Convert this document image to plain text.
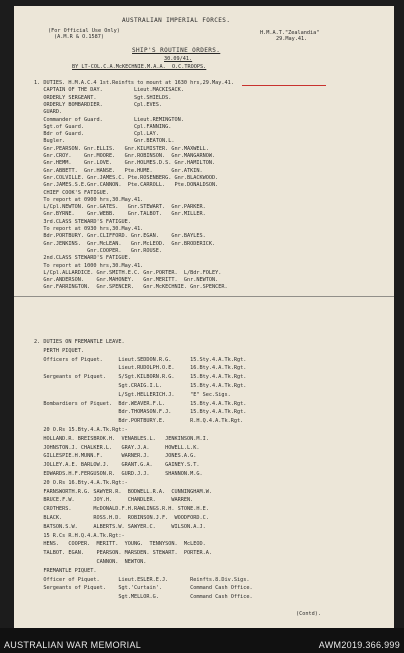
AUSTRALIAN IMPERIAL FORCES.
(For Official Use Only)
(A.M.R & O.1587)
H.M.A.T."Zealandia"
29.May.41.
SHIP'S ROUTINE ORDERS.
30.09/41.
BY LT-COL.C.A.McKECHNIE.M.A.A.  O.C.TROOPS.
1. DUTIES. H.M.A.C.4 1st.Reinfts to mount at 1630 hrs,29.May.41.
CAPTAIN OF THE DAY.          Lieut.MACKISACK.
ORDERLY SERGEANT.            Sgt.SHIELDS.
ORDERLY BOMBARDIER.          Cpl.EVES.
GUARD.
Commander of Guard.          Lieut.REMINGTON.
Sgt.of Guard.                Cpl.FANNING.
Bdr of Guard.                Cpl.LAY.
Bugler.                      Gnr.BEATON.L.
Gnr.PEARSON. Gnr.ELLIS.   Gnr.KILMISTER. Gnr.MAXWELL.
Gnr.CROY.    Gnr.MOORE.   Gnr.ROBINSON.  Gnr.MANGARNOW.
Gnr.HEMM.    Gnr.LOVE.    Gnr.HOLMES.D.S. Gnr.HAMILTON.
Gnr.ABBETT.  Gnr.HANSE.   Pte.HUME.      Gnr.ATKIN.
Gnr.COLVILLE. Gnr.JAMES.C. Pte.ROSENBERG. Gnr.BLACKWOOD.
Gnr.JAMES.S.E.Gnr.CANNON.  Pte.CARROLL.   Pte.DONALDSON.
CHIEF COOK'S FATIGUE.
To report at 0900 hrs,30.May.41.
L/Cpl.NEWTON. Gnr.GATES.   Gnr.STEWART.  Gnr.PARKER.
Gnr.BYRNE.    Gnr.WEBB.    Gnr.TALBOT.   Gnr.MILLER.
3rd.CLASS STEWARD'S FATIGUE.
To report at 0930 hrs,30.May.41.
Bdr.PORTBURY. Gnr.CLIFFORD. Gnr.EGAN.    Gnr.BAYLES.
Gnr.JENKINS.  Gnr.McLEAN.   Gnr.McLEOD.  Gnr.BRODERICK.
Gnr.COOPER.   Gnr.ROUSE.
2nd.CLASS STEWARD'S FATIGUE.
To report at 1000 hrs,30.May.41.
L/Cpl.ALLARDICE. Gnr.SMITH.E.C. Gnr.PORTER.  L/Bdr.FOLEY.
Gnr.ANDERSON.    Gnr.MAHONEY.   Gnr.MERITT.  Gnr.NEWTON.
Gnr.FARRINGTON.  Gnr.SPENCER.   Gnr.McKECHNIE. Gnr.SPENCER.
2. DUTIES ON FREMANTLE LEAVE.
PERTH PIQUET.
Officers of Piquet.     Lieut.SEDDON.R.G.      15.Sty.4.A.Tk.Rgt.
Lieut.RUDOLPH.O.E.     16.Bty.4.A.Tk.Rgt.
Sergeants of Piquet.    S/Sgt.KILBORN.R.G.     15.Bty.4.A.Tk.Rgt.
Sgt.CRAIG.I.L.         15.Bty.4.A.Tk.Rgt.
L/Sgt.HELLERICH.J.     "E" Sec.Sigs.
Bombardiers of Piquet.  Bdr.WEAVER.F.L.        15.Bty.4.A.Tk.Rgt.
Bdr.THOMASON.F.J.      15.Bty.4.A.Tk.Rgt.
Bdr.PORTBURY.E.        R.H.Q.4.A.Tk.Rgt.
20 O.Rs 15.Bty.4.A.Tk.Rgt:-
HOLLAND.R. BREISBROK.H.  VENABLES.L.   JENKINSON.M.I.
JOHNSTON.J. CHALKER.L.   GRAY.J.A.     HOWELL.L.K.
GILLESPIE.H.MUNN.F.      WARNER.J.     JONES.A.G.
JOLLEY.A.E. BARLOW.J.    GRANT.G.A.    GAINEY.S.T.
EDWARDS.H.F.FERGUSON.R.  GURD.J.J.     SHANNON.M.G.
20 O.Rs 16.Bty.4.A.Tk.Rgt:-
FARNSWORTH.R.G. SAWYER.R.  BODWELL.R.A.  CUNNINGHAM.W.
BRUCE.F.W.      JOY.H.     CHANDLER.     WARREN.
CROTHERS.       McDONALD.F.H.RAWLINGS.R.H. STONE.H.E.
BLACK.          ROSS.H.D.  ROBINSON.J.F.  WOODFORD.C.
BATSON.S.W.     ALBERTS.W. SAWYER.C.     WILSON.A.J.
15 R.Cs R.H.Q.4.A.Tk.Rgt:-
HENS.   COOPER.  MERITT.  YOUNG.  TENNYSON.  McLEOD.
TALBOT. EGAN.    PEARSON. MARSDEN. STEWART.  PORTER.A.
CANNON.  NEWTON.
FREMANTLE PIQUET.
Officer of Piquet.      Lieut.ESLER.E.J.       Reinfts.8.Div.Sigs.
Sergeants of Piquet.    Sgt.'Curtain'.         Command Cash Office.
Sgt.MELLOR.G.          Command Cash Office.
(Contd).
AUSTRALIAN WAR MEMORIAL	AWM2019.366.999
